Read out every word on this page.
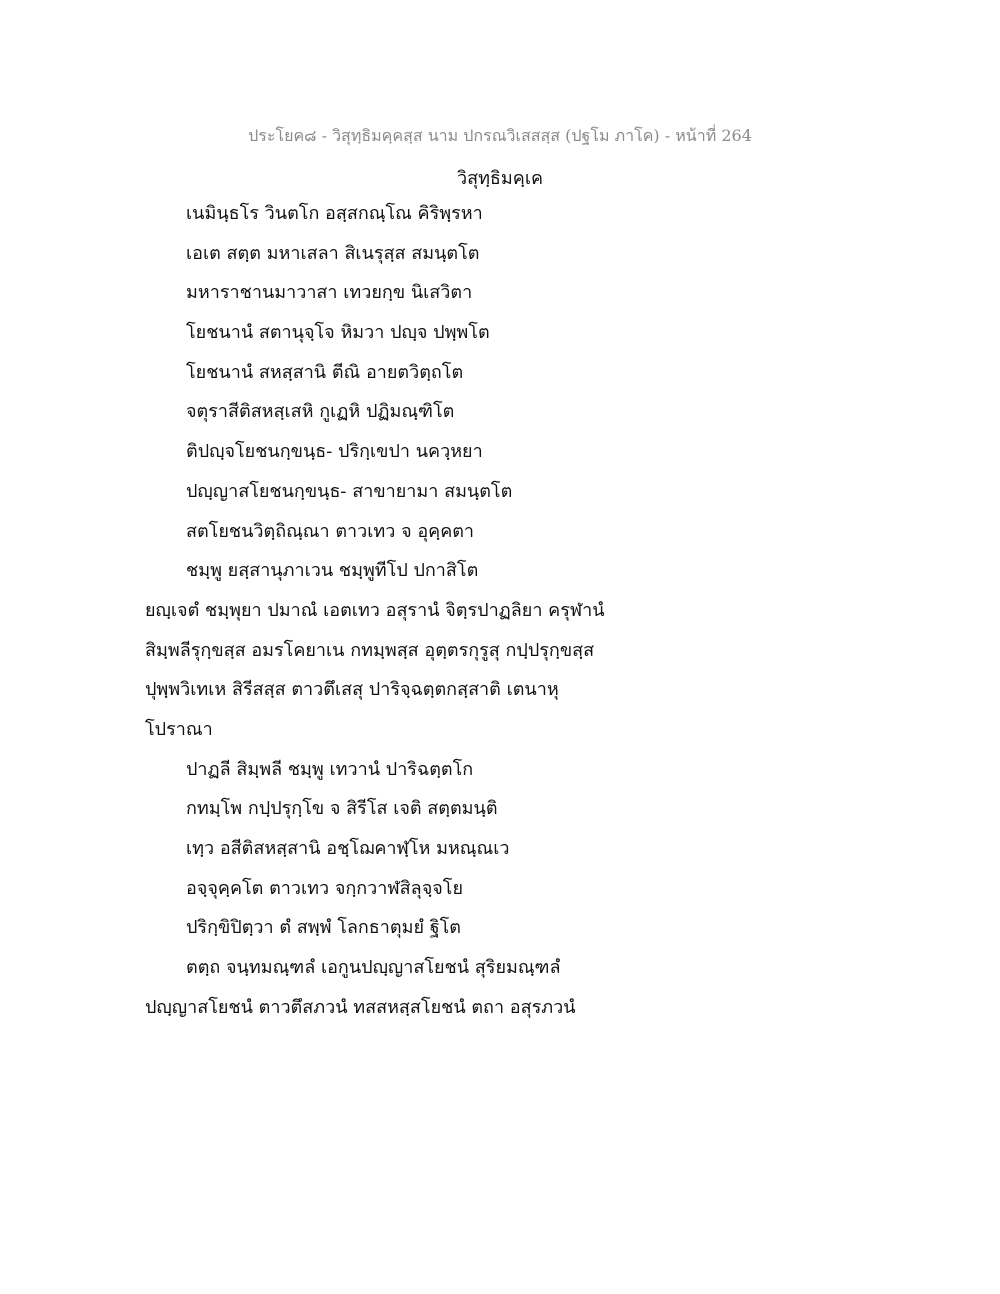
ประโยค๘ - วิสุทฺธิมคฺคสฺส นาม ปกรณวิเสสสฺส (ปฐโม ภาโค) - หน้าที่ 264
วิสุทฺธิมคฺเค
เนมินฺธโร วินตโก อสฺสกณฺโณ คิริพฺรหา
เอเต สตฺต มหาเสลา สิเนรุสฺส สมนฺตโต
มหาราชานมาวาสา เทวยกฺข นิเสวิตา
โยชนานํ สตานุจฺโจ หิมวา ปญฺจ ปพฺพโต
โยชนานํ สหสฺสานิ ตีณิ อายตวิตฺถโต
จตุราสีติสหสฺเสหิ กูเฏหิ ปฏิมณฺฑิโต
ติปญฺจโยชนกฺขนฺธ- ปริกฺเขปา นควฺหยา
ปญฺญาสโยชนกฺขนฺธ- สาขายามา สมนฺตโต
สตโยชนวิตฺถิณฺณา ตาวเทว จ อุคฺคตา
ชมฺพู ยสฺสานุภาเวน ชมฺพูทีโป ปกาสิโต
ยญฺเจตํ ชมฺพุยา ปมาณํ เอตเทว อสุรานํ จิตฺรปาฏลิยา ครุฬานํ
สิมฺพลีรุกฺขสฺส อมรโคยาเน กทมฺพสฺส อุตฺตรกุรูสุ กปฺปรุกฺขสฺส
ปุพฺพวิเทเห สิรีสสฺส ตาวตึเสสุ ปาริจฺฉตฺตกสฺสาติ เตนาหุ
โปราณา
ปาฏลี สิมฺพลี ชมฺพู เทวานํ ปาริฉตฺตโก
กทมฺโพ กปฺปรุกฺโข จ สิรีโส เจติ สตฺตมนฺติ
เทฺว อสีติสหสฺสานิ อชฺโฌคาฬฺโห มหณฺณเว
อจฺจุคฺคโต ตาวเทว จกฺกวาฬสิลุจฺจโย
ปริกฺขิปิตฺวา ตํ สพฺพํ โลกธาตุมยํ ฐิโต
ตตฺถ จนฺทมณฺฑลํ เอกูนปญฺญาสโยชนํ สุริยมณฺฑลํ
ปญฺญาสโยชนํ ตาวตึสภวนํ ทสสหสฺสโยชนํ ตถา อสุรภวนํ
